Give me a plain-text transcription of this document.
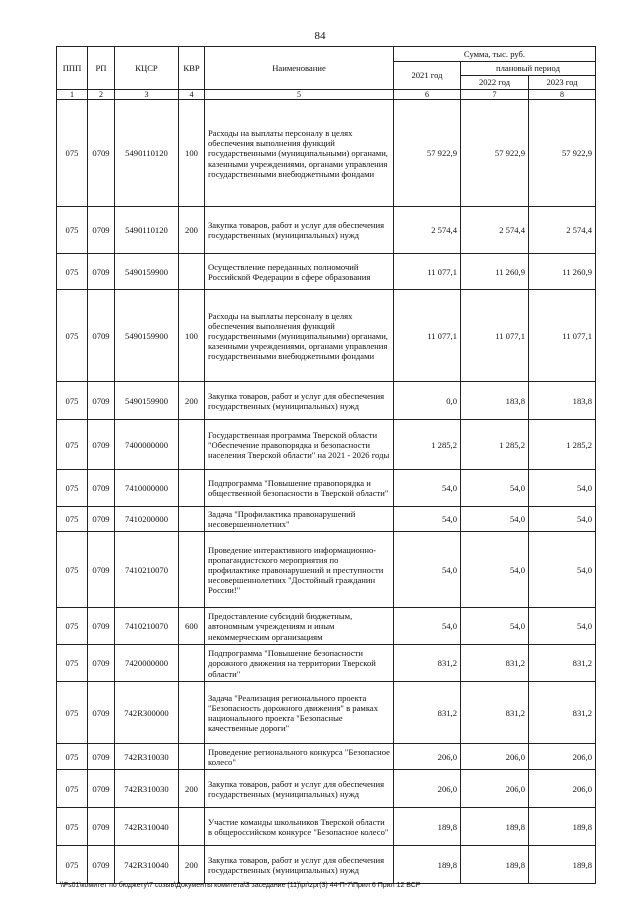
84
ППП	РП	КЦСР	КВР	Наименование	Сумма, тыс. руб.		
					2021 год	плановый период	
						2022 год	2023 год
1	2	3	4	5	6	7	8
075	0709	5490110120	100	Расходы на выплаты персоналу в целях обеспечения выполнения функций государственными (муниципальными) органами, казенными учреждениями, органами управления государственными внебюджетными фондами	57 922,9	57 922,9	57 922,9
075	0709	5490110120	200	Закупка товаров, работ и услуг для обеспечения государственных (муниципальных) нужд	2 574,4	2 574,4	2 574,4
075	0709	5490159900		Осуществление переданных полномочий Российской Федерации в сфере образования	11 077,1	11 260,9	11 260,9
075	0709	5490159900	100	Расходы на выплаты персоналу в целях обеспечения выполнения функций государственными (муниципальными) органами, казенными учреждениями, органами управления государственными внебюджетными фондами	11 077,1	11 077,1	11 077,1
075	0709	5490159900	200	Закупка товаров, работ и услуг для обеспечения государственных (муниципальных) нужд	0,0	183,8	183,8
075	0709	7400000000		Государственная программа Тверской области "Обеспечение правопорядка и безопасности населения Тверской области" на 2021 - 2026 годы	1 285,2	1 285,2	1 285,2
075	0709	7410000000		Подпрограмма "Повышение правопорядка и общественной безопасности в Тверской области"	54,0	54,0	54,0
075	0709	7410200000		Задача "Профилактика правонарушений несовершеннолетних"	54,0	54,0	54,0
075	0709	7410210070		Проведение интерактивного информационно-пропагандистского мероприятия по профилактике правонарушений и преступности несовершеннолетних "Достойный гражданин России!"	54,0	54,0	54,0
075	0709	7410210070	600	Предоставление субсидий бюджетным, автономным учреждениям и иным некоммерческим организациям	54,0	54,0	54,0
075	0709	7420000000		Подпрограмма "Повышение безопасности дорожного движения на территории Тверской области"	831,2	831,2	831,2
075	0709	742R300000		Задача "Реализация регионального проекта "Безопасность дорожного движения" в рамках национального проекта "Безопасные качественные дороги"	831,2	831,2	831,2
075	0709	742R310030		Проведение регионального конкурса "Безопасное колесо"	206,0	206,0	206,0
075	0709	742R310030	200	Закупка товаров, работ и услуг для обеспечения государственных (муниципальных) нужд	206,0	206,0	206,0
075	0709	742R310040		Участие команды школьников Тверской области в общероссийском конкурсе "Безопасное колесо"	189,8	189,8	189,8
075	0709	742R310040	200	Закупка товаров, работ и услуг для обеспечения государственных (муниципальных) нужд	189,8	189,8	189,8
\\Fs01\комитет по бюджету\7 созыв\Документы комитета\3 заседание (11)\pr\zpr(3) 44-П-7\Прил 6 Прил 12 ВСР
